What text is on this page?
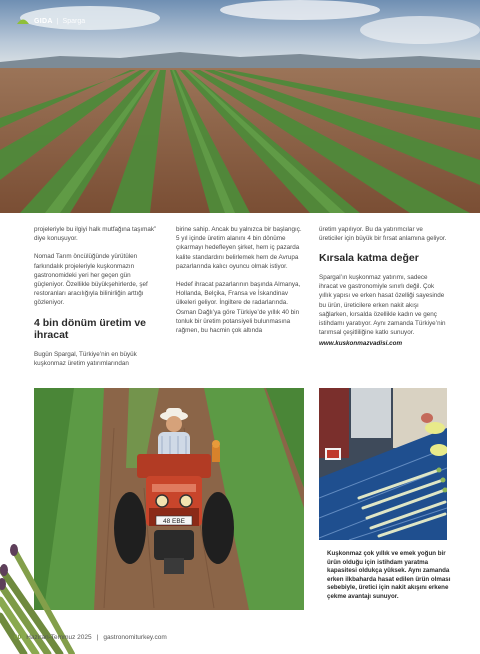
GIDA | Sparga

projeleriyle bu ilgiyi halk mutfağına taşımak” diye konuşuyor.

Nomad Tarım öncülüğünde yürütülen farkındalık projeleriyle kuşkonmazın gastronomideki yeri her geçen gün güçleniyor. Özellikle büyükşehirlerde, şef restoranları aracılığıyla bilinirliğin arttığı gözleniyor.

4 bin dönüm üretim ve ihracat

Bugün Spargal, Türkiye’nin en büyük kuşkonmaz üretim yatırımlarından

birine sahip. Ancak bu yalnızca bir başlangıç. 5 yıl içinde üretim alanını 4 bin dönüme çıkarmayı hedefleyen şirket, hem iç pazarda kalite standardını belirlemek hem de Avrupa pazarlarında kalıcı oyuncu olmak istiyor.

Hedef ihracat pazarlarının başında Almanya, Hollanda, Belçika, Fransa ve İskandinav ülkeleri geliyor. İngiltere de radarlarında. Osman Dağlı’ya göre Türkiye’de yıllık 40 bin tonluk bir üretim potansiyeli bulunmasına rağmen, bu hacmin çok altında

üretim yapılıyor. Bu da yatırımcılar ve üreticiler için büyük bir fırsat anlamına geliyor.

Kırsala katma değer

Spargal’ın kuşkonmaz yatırımı, sadece ihracat ve gastronomiyle sınırlı değil. Çok yıllık yapısı ve erken hasat özelliği sayesinde bu ürün, üreticilere erken nakit akışı sağlarken, kırsalda özellikle kadın ve genç istihdamı yaratıyor. Aynı zamanda Türkiye’nin tarımsal çeşitliliğine katkı sunuyor.

www.kuskonmazvadisi.com

48 EBE
Kuşkonmaz çok yıllık ve emek yoğun bir ürün olduğu için istihdam yaratma kapasitesi oldukça yüksek. Aynı zamanda erken ilkbaharda hasat edilen ürün olması sebebiyle, üretici için nakit akışını erkene çekme avantajı sunuyor.
60 Haziran-Temmuz 2025 | gastronomiturkey.com
